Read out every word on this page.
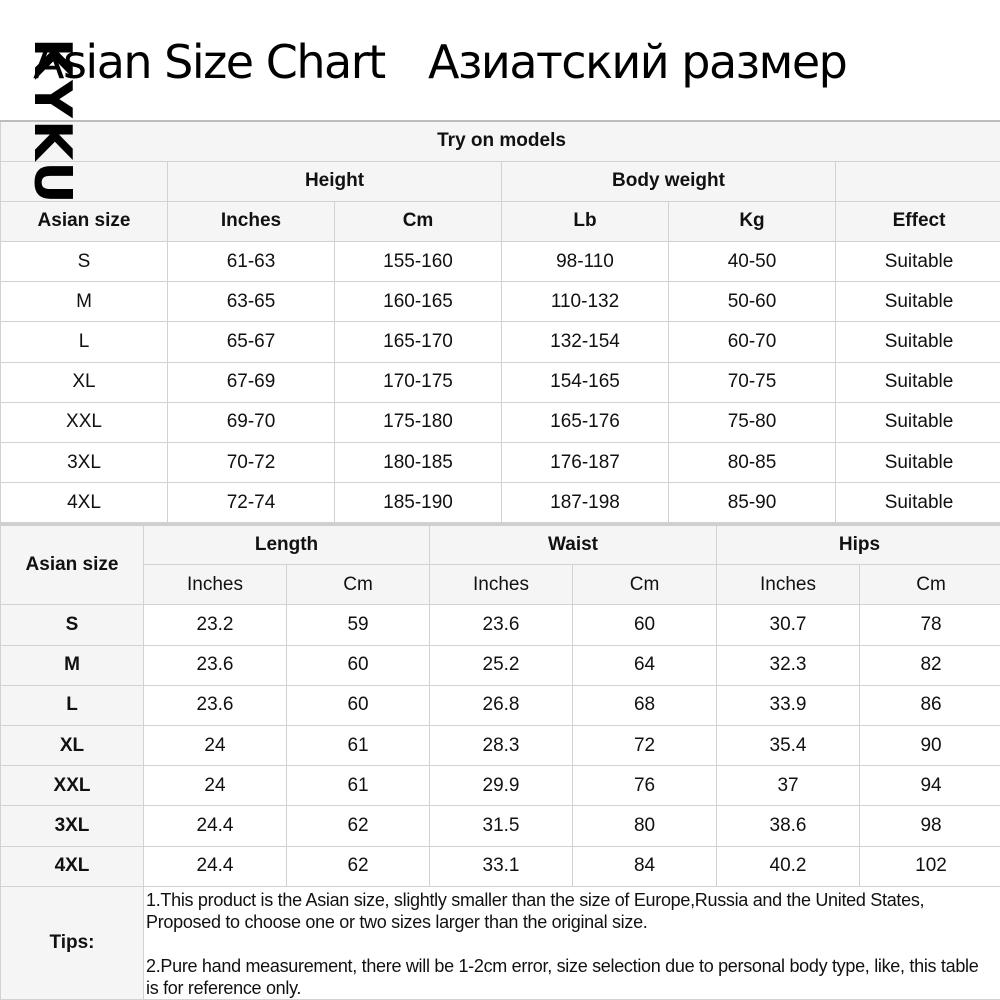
Asian Size Chart Азиатский размер
KYKU	Try on models					
	Height		Body weight		
Asian size	Inches	Cm	Lb	Kg	Effect
S	61-63	155-160	98-110	40-50	Suitable
M	63-65	160-165	110-132	50-60	Suitable
L	65-67	165-170	132-154	60-70	Suitable
XL	67-69	170-175	154-165	70-75	Suitable
XXL	69-70	175-180	165-176	75-80	Suitable
3XL	70-72	180-185	176-187	80-85	Suitable
4XL	72-74	185-190	187-198	85-90	Suitable
Asian size	Length		Waist		Hips	
	Inches	Cm	Inches	Cm	Inches	Cm
S	23.2	59	23.6	60	30.7	78
M	23.6	60	25.2	64	32.3	82
L	23.6	60	26.8	68	33.9	86
XL	24	61	28.3	72	35.4	90
XXL	24	61	29.9	76	37	94
3XL	24.4	62	31.5	80	38.6	98
4XL	24.4	62	33.1	84	40.2	102
Tips:	1.This product is the Asian size, slightly smaller than the size of Europe,Russia and the United States, Proposed to choose one or two sizes larger than the original size.
2.Pure hand measurement, there will be 1-2cm error, size selection due to personal body type, like, this table is for reference only.					
